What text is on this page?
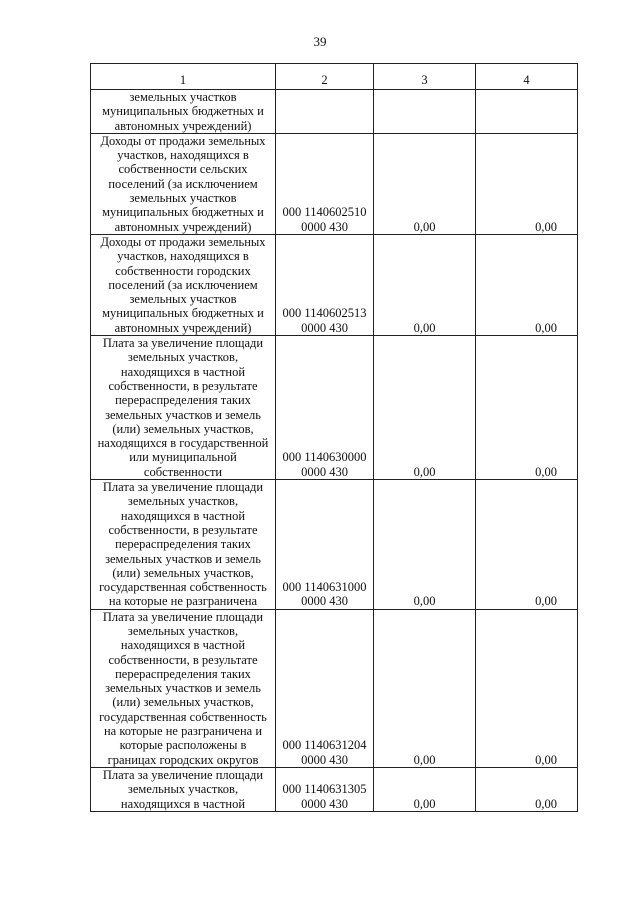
39
1	2	3	4
земельных участков муниципальных бюджетных и автономных учреждений)			
Доходы от продажи земельных участков, находящихся в собственности сельских поселений (за исключением земельных участков муниципальных бюджетных и автономных учреждений)	000 1140602510 0000 430	0,00	0,00
Доходы от продажи земельных участков, находящихся в собственности городских поселений (за исключением земельных участков муниципальных бюджетных и автономных учреждений)	000 1140602513 0000 430	0,00	0,00
Плата за увеличение площади земельных участков, находящихся в частной собственности, в результате перераспределения таких земельных участков и земель (или) земельных участков, находящихся в государственной или муниципальной собственности	000 1140630000 0000 430	0,00	0,00
Плата за увеличение площади земельных участков, находящихся в частной собственности, в результате перераспределения таких земельных участков и земель (или) земельных участков, государственная собственность на которые не разграничена	000 1140631000 0000 430	0,00	0,00
Плата за увеличение площади земельных участков, находящихся в частной собственности, в результате перераспределения таких земельных участков и земель (или) земельных участков, государственная собственность на которые не разграничена и которые расположены в границах городских округов	000 1140631204 0000 430	0,00	0,00
Плата за увеличение площади земельных участков, находящихся в частной	000 1140631305 0000 430	0,00	0,00
